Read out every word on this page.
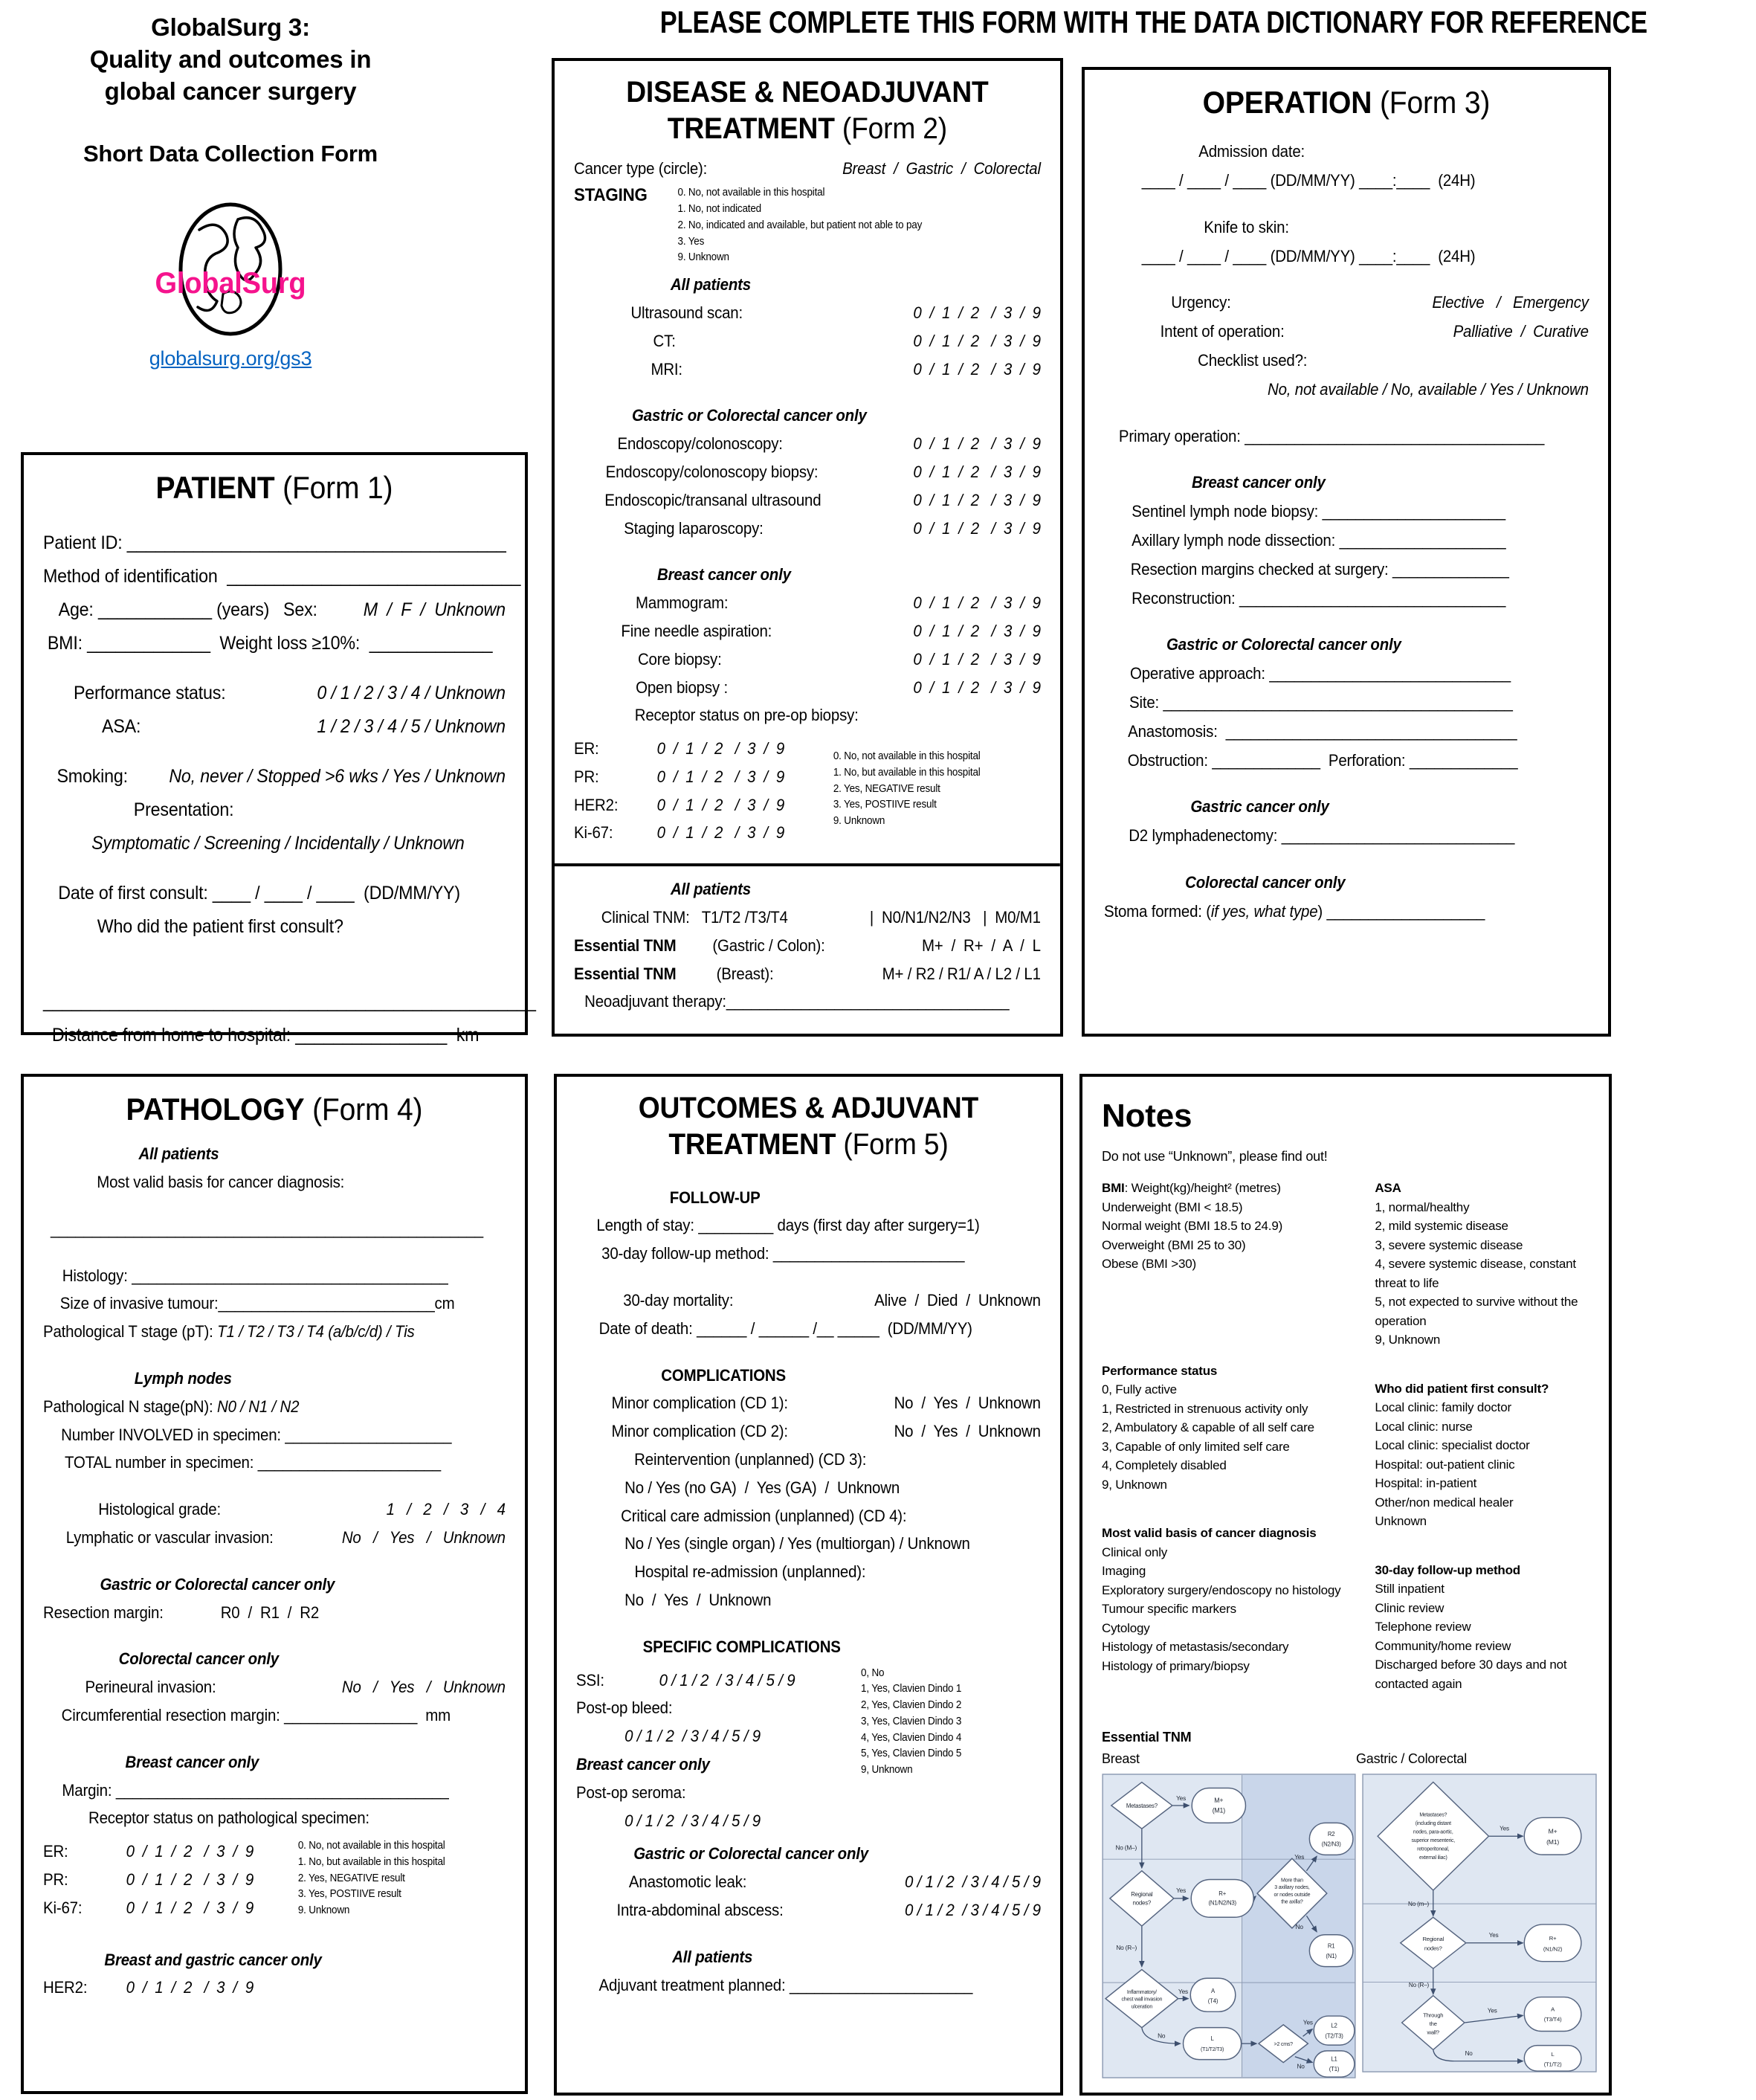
PLEASE COMPLETE THIS FORM WITH THE DATA DICTIONARY FOR REFERENCE
GlobalSurg 3:
Quality and outcomes in
global cancer surgery
Short Data Collection Form
GlobalSurg
globalsurg.org/gs3
PATIENT (Form 1)
Patient ID: ________________________________________
Method of identification  _______________________________
Age: ____________ (years)   Sex: M  /  F  /  Unknown
BMI: _____________  Weight loss ≥10%:  _____________
Performance status:	0 / 1 / 2 / 3 / 4 / Unknown
ASA:	1 / 2 / 3 / 4 / 5 / Unknown
Smoking: No, never / Stopped >6 wks / Yes / Unknown
Presentation:
Symptomatic / Screening / Incidentally / Unknown
Date of first consult: ____ / ____ / ____  (DD/MM/YY)
Who did the patient first consult?
____________________________________________________
Distance from home to hospital: ________________  km
DISEASE & NEOADJUVANT
TREATMENT (Form 2)
Cancer type (circle):	Breast  /  Gastric  /  Colorectal
STAGING	0. No, not available in this hospital
1. No, not indicated
2. No, indicated and available, but patient not able to pay
3. Yes
9. Unknown
All patients
Ultrasound scan:	0  /  1  /  2   /  3  /  9
CT:	0  /  1  /  2   /  3  /  9
MRI:	0  /  1  /  2   /  3  /  9
Gastric or Colorectal cancer only
Endoscopy/colonoscopy:	0  /  1  /  2   /  3  /  9
Endoscopy/colonoscopy biopsy:	0  /  1  /  2   /  3  /  9
Endoscopic/transanal ultrasound	0  /  1  /  2   /  3  /  9
Staging laparoscopy:	0  /  1  /  2   /  3  /  9
Breast cancer only
Mammogram:	0  /  1  /  2   /  3  /  9
Fine needle aspiration:	0  /  1  /  2   /  3  /  9
Core biopsy:	0  /  1  /  2   /  3  /  9
Open biopsy :	0  /  1  /  2   /  3  /  9
Receptor status on pre-op biopsy:
ER:	0  /  1  /  2   /  3  /  9
PR:	0  /  1  /  2   /  3  /  9
HER2:	0  /  1  /  2   /  3  /  9
Ki-67:	0  /  1  /  2   /  3  /  9
0. No, not available in this hospital
1. No, but available in this hospital
2. Yes, NEGATIVE result
3. Yes, POSTIIVE result
9. Unknown
All patients
Clinical TNM:   T1/T2 /T3/T4	|  N0/N1/N2/N3   |  M0/M1
Essential TNM (Gastric / Colon):	M+  /  R+  /  A  /  L
Essential TNM (Breast):	M+ / R2 / R1/ A / L2 / L1
Neoadjuvant therapy:__________________________________
OPERATION (Form 3)
Admission date:
____ / ____ / ____ (DD/MM/YY) ____:____  (24H)
Knife to skin:
____ / ____ / ____ (DD/MM/YY) ____:____  (24H)
Urgency:	Elective   /   Emergency
Intent of operation:	Palliative  /  Curative
Checklist used?:
No, not available / No, available / Yes / Unknown
Primary operation: ____________________________________
Breast cancer only
Sentinel lymph node biopsy: ______________________
Axillary lymph node dissection: ____________________
Resection margins checked at surgery: ______________
Reconstruction: ________________________________
Gastric or Colorectal cancer only
Operative approach: _____________________________
Site: __________________________________________
Anastomosis:  ___________________________________
Obstruction: _____________  Perforation: _____________
Gastric cancer only
D2 lymphadenectomy: ____________________________
Colorectal cancer only
Stoma formed: ( if yes, what type ) ___________________
PATHOLOGY (Form 4)
All patients
Most valid basis for cancer diagnosis:
____________________________________________________
Histology: ______________________________________
Size of invasive tumour:__________________________cm
Pathological T stage (pT): T1 / T2 / T3 / T4 (a/b/c/d) / Tis
Lymph nodes
Pathological N stage(pN): N0 / N1 / N2
Number INVOLVED in specimen: ____________________
TOTAL number in specimen: ______________________
Histological grade:	1   /   2   /   3   /   4
Lymphatic or vascular invasion:	No   /   Yes   /   Unknown
Gastric or Colorectal cancer only
Resection margin: R0  /  R1  /  R2
Colorectal cancer only
Perineural invasion:	No   /   Yes   /   Unknown
Circumferential resection margin: ________________  mm
Breast cancer only
Margin: ________________________________________
Receptor status on pathological specimen:
ER:	0  /  1  /  2   /  3  /  9
PR:	0  /  1  /  2   /  3  /  9
Ki-67:	0  /  1  /  2   /  3  /  9
0. No, not available in this hospital
1. No, but available in this hospital
2. Yes, NEGATIVE result
3. Yes, POSTIIVE result
9. Unknown
Breast and gastric cancer only
HER2:	0  /  1  /  2   /  3  /  9
OUTCOMES & ADJUVANT
TREATMENT (Form 5)
FOLLOW-UP
Length of stay: _________ days (first day after surgery=1)
30-day follow-up method: _______________________
30-day mortality:	Alive  /  Died  /  Unknown
Date of death: ______ / ______ /__ _____  (DD/MM/YY)
COMPLICATIONS
Minor complication (CD 1):	No  /  Yes  /  Unknown
Minor complication (CD 2):	No  /  Yes  /  Unknown
Reintervention (unplanned) (CD 3):
No / Yes (no GA)  /  Yes (GA)  /  Unknown
Critical care admission (unplanned) (CD 4):
No / Yes (single organ) / Yes (multiorgan) / Unknown
Hospital re-admission (unplanned):
No  /  Yes  /  Unknown
SPECIFIC COMPLICATIONS
SSI:	0 / 1 / 2  / 3 / 4 / 5 / 9
Post-op bleed:
0 / 1 / 2  / 3 / 4 / 5 / 9
Breast cancer only
Post-op seroma:
0 / 1 / 2  / 3 / 4 / 5 / 9
0, No
1, Yes, Clavien Dindo 1
2, Yes, Clavien Dindo 2
3, Yes, Clavien Dindo 3
4, Yes, Clavien Dindo 4
5, Yes, Clavien Dindo 5
9, Unknown
Gastric or Colorectal cancer only
Anastomotic leak:	0 / 1 / 2  / 3 / 4 / 5 / 9
Intra-abdominal abscess:	0 / 1 / 2  / 3 / 4 / 5 / 9
All patients
Adjuvant treatment planned: ______________________
Notes
Do not use “Unknown”, please find out!
BMI: Weight(kg)/height² (metres)
Underweight (BMI < 18.5)
Normal weight (BMI 18.5 to 24.9)
Overweight (BMI 25 to 30)
Obese (BMI >30)
Performance status
0, Fully active
1, Restricted in strenuous activity only
2, Ambulatory & capable of all self care
3, Capable of only limited self care
4, Completely disabled
9, Unknown
Most valid basis of cancer diagnosis
Clinical only
Imaging
Exploratory surgery/endoscopy no histology
Tumour specific markers
Cytology
Histology of metastasis/secondary
Histology of primary/biopsy
ASA
1, normal/healthy
2, mild systemic disease
3, severe systemic disease
4, severe systemic disease, constant threat to life
5, not expected to survive without the operation
9, Unknown
Who did patient first consult?
Local clinic: family doctor
Local clinic: nurse
Local clinic: specialist doctor
Hospital: out-patient clinic
Hospital: in-patient
Other/non medical healer
Unknown
30-day follow-up method
Still inpatient
Clinic review
Telephone review
Community/home review
Discharged before 30 days and not contacted again
Essential TNM
Breast	Gastric / Colorectal
Metastases?
M+
(M1)
Yes
No (M–)
Regional
nodes?
Yes	R+
(N1/N2/N3)
More than
3 axillary nodes,
or nodes outside
the axilla?
Yes
R2
(N2/N3)
No
R1
(N1)
No (R–)
Inflammatory/
chest wall invasion
ulceration
Yes	A
(T4)
No	L
(T1/T2/T3)
>2 cms?
Yes	L2
(T2/T3)
No
L1
(T1)
Metastases?
(including distant
nodes, para-aortic,
superior mesenteric,
retroperitoneal,
external iliac)
Yes	M+
(M1)
No (m–)
Regional
nodes?
Yes	R+
(N1/N2)
No (R–)
Through
the
wall?
Yes	A
(T3/T4)
No	L
(T1/T2)
